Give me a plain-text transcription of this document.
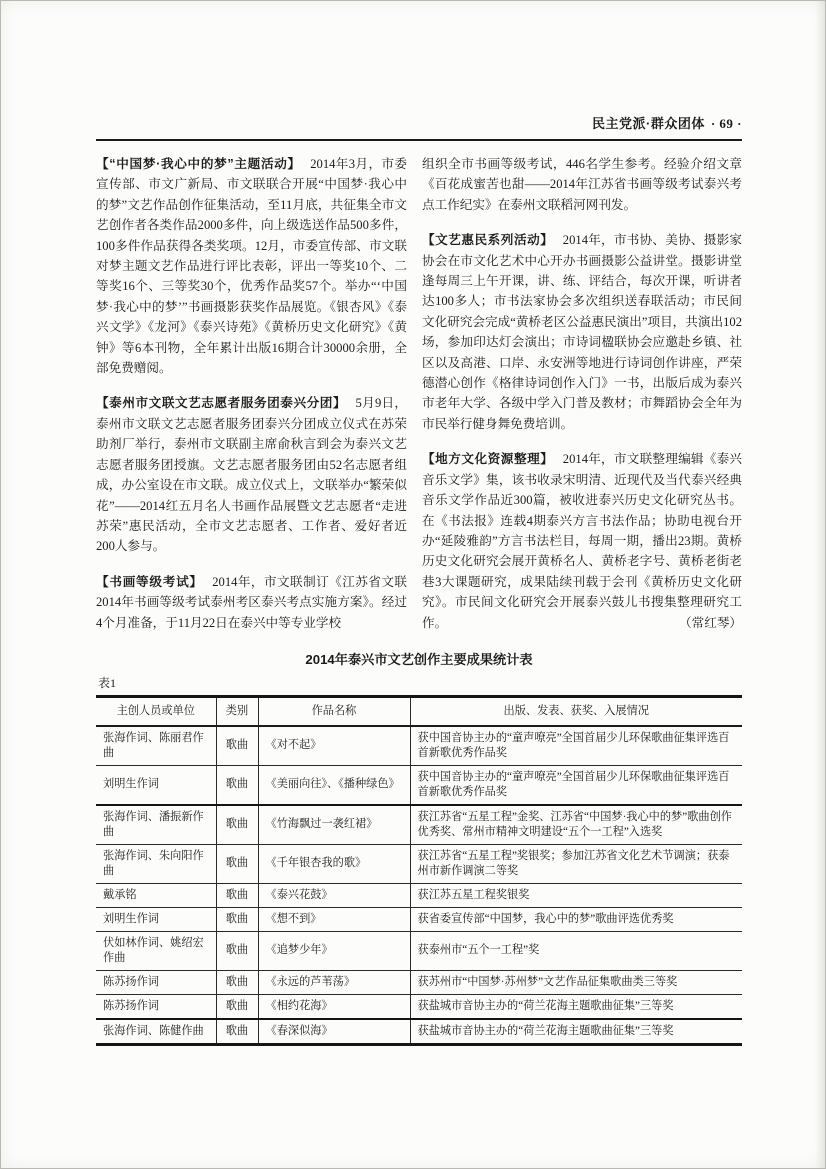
民主党派·群众团体 · 69 ·

【“中国梦·我心中的梦”主题活动】 2014年3月，市委宣传部、市文广新局、市文联联合开展“中国梦·我心中的梦”文艺作品创作征集活动，至11月底，共征集全市文艺创作者各类作品2000多件，向上级选送作品500多件，100多件作品获得各类奖项。12月，市委宣传部、市文联对梦主题文艺作品进行评比表彰，评出一等奖10个、二等奖16个、三等奖30个，优秀作品奖57个。举办“‘中国梦·我心中的梦’”书画摄影获奖作品展览。《银杏风》《泰兴文学》《龙河》《泰兴诗苑》《黄桥历史文化研究》《黄钟》等6本刊物，全年累计出版16期合计30000余册，全部免费赠阅。

【泰州市文联文艺志愿者服务团泰兴分团】 5月9日，泰州市文联文艺志愿者服务团泰兴分团成立仪式在苏荣助剂厂举行，泰州市文联副主席俞秋言到会为泰兴文艺志愿者服务团授旗。文艺志愿者服务团由52名志愿者组成，办公室设在市文联。成立仪式上，文联举办“繁荣似花”——2014红五月名人书画作品展暨文艺志愿者“走进苏荣”惠民活动，全市文艺志愿者、工作者、爱好者近200人参与。

【书画等级考试】 2014年，市文联制订《江苏省文联2014年书画等级考试泰州考区泰兴考点实施方案》。经过4个月准备，于11月22日在泰兴中等专业学校

组织全市书画等级考试，446名学生参考。经验介绍文章《百花成蜜苦也甜——2014年江苏省书画等级考试泰兴考点工作纪实》在泰州文联稻河网刊发。

【文艺惠民系列活动】 2014年，市书协、美协、摄影家协会在市文化艺术中心开办书画摄影公益讲堂。摄影讲堂逢每周三上午开课，讲、练、评结合，每次开课，听讲者达100多人；市书法家协会多次组织送春联活动；市民间文化研究会完成“黄桥老区公益惠民演出”项目，共演出102场，参加印达灯会演出；市诗词楹联协会应邀赴乡镇、社区以及高港、口岸、永安洲等地进行诗词创作讲座，严荣德潜心创作《格律诗词创作入门》一书，出版后成为泰兴市老年大学、各级中学入门普及教材；市舞蹈协会全年为市民举行健身舞免费培训。

【地方文化资源整理】 2014年，市文联整理编辑《泰兴音乐文学》集，该书收录宋明清、近现代及当代泰兴经典音乐文学作品近300篇，被收进泰兴历史文化研究丛书。在《书法报》连载4期泰兴方言书法作品；协助电视台开办“延陵雅韵”方言书法栏目，每周一期，播出23期。黄桥历史文化研究会展开黄桥名人、黄桥老字号、黄桥老街老巷3大课题研究，成果陆续刊载于会刊《黄桥历史文化研究》。市民间文化研究会开展泰兴鼓儿书搜集整理研究工作。	（常红琴）

2014年泰兴市文艺创作主要成果统计表

表1

主创人员或单位	类别	作品名称	出版、发表、获奖、入展情况
张海作词、陈丽君作曲	歌曲	《对不起》	获中国音协主办的“童声嘹亮”全国首届少儿环保歌曲征集评选百首新歌优秀作品奖
刘明生作词	歌曲	《美丽向往》、《播种绿色》	获中国音协主办的“童声嘹亮”全国首届少儿环保歌曲征集评选百首新歌优秀作品奖
张海作词、潘振新作曲	歌曲	《竹海飘过一袭红裙》	获江苏省“五星工程”金奖、江苏省“中国梦·我心中的梦”歌曲创作优秀奖、常州市精神文明建设“五个一工程”入选奖
张海作词、朱向阳作曲	歌曲	《千年银杏我的歌》	获江苏省“五星工程”奖银奖；参加江苏省文化艺术节调演；获泰州市新作调演二等奖
戴承铭	歌曲	《泰兴花鼓》	获江苏五星工程奖银奖
刘明生作词	歌曲	《想不到》	获省委宣传部“中国梦，我心中的梦”歌曲评选优秀奖
伏如林作词、姚绍宏作曲	歌曲	《追梦少年》	获泰州市“五个一工程”奖
陈苏扬作词	歌曲	《永远的芦苇荡》	获苏州市“中国梦·苏州梦”文艺作品征集歌曲类三等奖
陈苏扬作词	歌曲	《相约花海》	获盐城市音协主办的“荷兰花海主题歌曲征集”三等奖
张海作词、陈健作曲	歌曲	《春深似海》	获盐城市音协主办的“荷兰花海主题歌曲征集”三等奖
